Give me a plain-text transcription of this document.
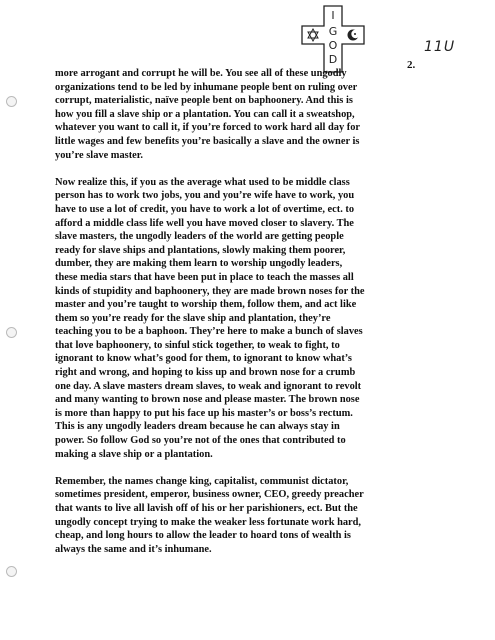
I
G
O
D
11U
2.

more arrogant and corrupt he will be. You see all of these ungodly
organizations tend to be led by inhumane people bent on ruling over
corrupt, materialistic, naïve people bent on baphoonery. And this is
how you fill a slave ship or a plantation. You can call it a sweatshop,
whatever you want to call it, if you’re forced to work hard all day for
little wages and few benefits you’re basically a slave and the owner is
you’re slave master.

Now realize this, if you as the average what used to be middle class
person has to work two jobs, you and you’re wife have to work, you
have to use a lot of credit, you have to work a lot of overtime, ect. to
afford a middle class life well you have moved closer to slavery. The
slave masters, the ungodly leaders of the world are getting people
ready for slave ships and plantations, slowly making them poorer,
dumber, they are making them learn to worship ungodly leaders,
these media stars that have been put in place to teach the masses all
kinds of stupidity and baphoonery, they are made brown noses for the
master and you’re taught to worship them, follow them, and act like
them so you’re ready for the slave ship and plantation, they’re
teaching you to be a baphoon. They’re here to make a bunch of slaves
that love baphoonery, to sinful stick together, to weak to fight, to
ignorant to know what’s good for them, to ignorant to know what’s
right and wrong, and hoping to kiss up and brown nose for a crumb
one day. A slave masters dream slaves, to weak and ignorant to revolt
and many wanting to brown nose and please master. The brown nose
is more than happy to put his face up his master’s or boss’s rectum.
This is any ungodly leaders dream because he can always stay in
power. So follow God so you’re not of the ones that contributed to
making a slave ship or a plantation.

Remember, the names change king, capitalist, communist dictator,
sometimes president, emperor, business owner, CEO, greedy preacher
that wants to live all lavish off of his or her parishioners, ect. But the
ungodly concept trying to make the weaker less fortunate work hard,
cheap, and long hours to allow the leader to hoard tons of wealth is
always the same and it’s inhumane.
